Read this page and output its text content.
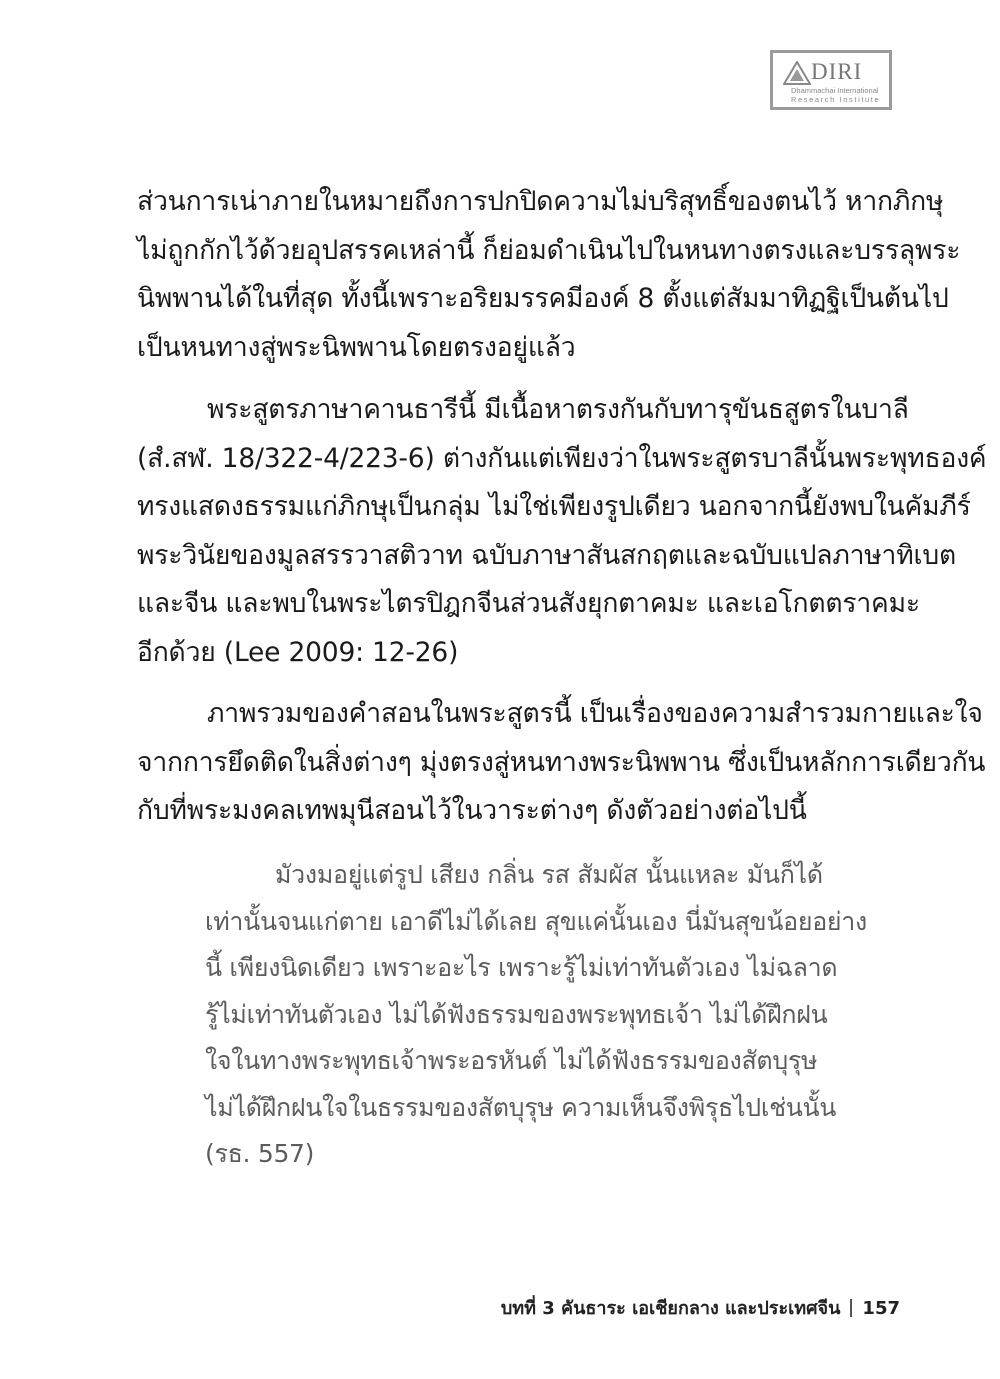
DIRI
Dhammachai International
Research Institute
ส่วนการเน่าภายในหมายถึงการปกปิดความไม่บริสุทธิ์ของตนไว้ หากภิกษุ
ไม่ถูกกักไว้ด้วยอุปสรรคเหล่านี้ ก็ย่อมดำเนินไปในหนทางตรงและบรรลุพระ
นิพพานได้ในที่สุด ทั้งนี้เพราะอริยมรรคมีองค์ 8 ตั้งแต่สัมมาทิฏฐิเป็นต้นไป
เป็นหนทางสู่พระนิพพานโดยตรงอยู่แล้ว
พระสูตรภาษาคานธารีนี้ มีเนื้อหาตรงกันกับทารุขันธสูตรในบาลี
(สํ.สฬ. 18/322-4/223-6) ต่างกันแต่เพียงว่าในพระสูตรบาลีนั้นพระพุทธองค์
ทรงแสดงธรรมแก่ภิกษุเป็นกลุ่ม ไม่ใช่เพียงรูปเดียว นอกจากนี้ยังพบในคัมภีร์
พระวินัยของมูลสรรวาสติวาท ฉบับภาษาสันสกฤตและฉบับแปลภาษาทิเบต
และจีน และพบในพระไตรปิฎกจีนส่วนสังยุกตาคมะ และเอโกตตราคมะ
อีกด้วย (Lee 2009: 12-26)
ภาพรวมของคำสอนในพระสูตรนี้ เป็นเรื่องของความสำรวมกายและใจ
จากการยึดติดในสิ่งต่างๆ มุ่งตรงสู่หนทางพระนิพพาน ซึ่งเป็นหลักการเดียวกัน
กับที่พระมงคลเทพมุนีสอนไว้ในวาระต่างๆ ดังตัวอย่างต่อไปนี้
มัวงมอยู่แต่รูป เสียง กลิ่น รส สัมผัส นั้นแหละ มันก็ได้
เท่านั้นจนแก่ตาย เอาดีไม่ได้เลย สุขแค่นั้นเอง นี่มันสุขน้อยอย่าง
นี้ เพียงนิดเดียว เพราะอะไร เพราะรู้ไม่เท่าทันตัวเอง ไม่ฉลาด
รู้ไม่เท่าทันตัวเอง ไม่ได้ฟังธรรมของพระพุทธเจ้า ไม่ได้ฝึกฝน
ใจในทางพระพุทธเจ้าพระอรหันต์ ไม่ได้ฟังธรรมของสัตบุรุษ
ไม่ได้ฝึกฝนใจในธรรมของสัตบุรุษ ความเห็นจึงพิรุธไปเช่นนั้น
(รธ. 557)
บทที่ 3 คันธาระ เอเชียกลาง และประเทศจีน 157
